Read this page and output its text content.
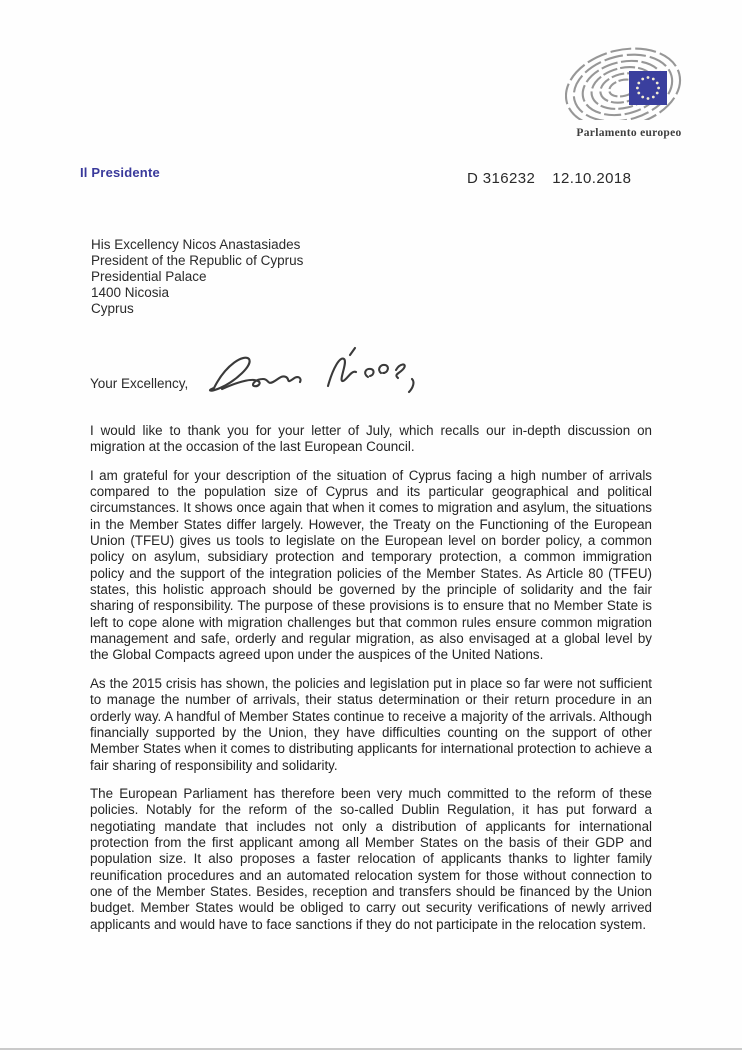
Parlamento europeo
Il Presidente	D 316232 12.10.2018
His Excellency Nicos Anastasiades
President of the Republic of Cyprus
Presidential Palace
1400 Nicosia
Cyprus
Your Excellency,

I would like to thank you for your letter of July, which recalls our in-depth discussion on migration at the occasion of the last European Council.

I am grateful for your description of the situation of Cyprus facing a high number of arrivals compared to the population size of Cyprus and its particular geographical and political circumstances. It shows once again that when it comes to migration and asylum, the situations in the Member States differ largely. However, the Treaty on the Functioning of the European Union (TFEU) gives us tools to legislate on the European level on border policy, a common policy on asylum, subsidiary protection and temporary protection, a common immigration policy and the support of the integration policies of the Member States. As Article 80 (TFEU) states, this holistic approach should be governed by the principle of solidarity and the fair sharing of responsibility. The purpose of these provisions is to ensure that no Member State is left to cope alone with migration challenges but that common rules ensure common migration management and safe, orderly and regular migration, as also envisaged at a global level by the Global Compacts agreed upon under the auspices of the United Nations.

As the 2015 crisis has shown, the policies and legislation put in place so far were not sufficient to manage the number of arrivals, their status determination or their return procedure in an orderly way. A handful of Member States continue to receive a majority of the arrivals. Although financially supported by the Union, they have difficulties counting on the support of other Member States when it comes to distributing applicants for international protection to achieve a fair sharing of responsibility and solidarity.

The European Parliament has therefore been very much committed to the reform of these policies. Notably for the reform of the so-called Dublin Regulation, it has put forward a negotiating mandate that includes not only a distribution of applicants for international protection from the first applicant among all Member States on the basis of their GDP and population size. It also proposes a faster relocation of applicants thanks to lighter family reunification procedures and an automated relocation system for those without connection to one of the Member States. Besides, reception and transfers should be financed by the Union budget. Member States would be obliged to carry out security verifications of newly arrived applicants and would have to face sanctions if they do not participate in the relocation system.
